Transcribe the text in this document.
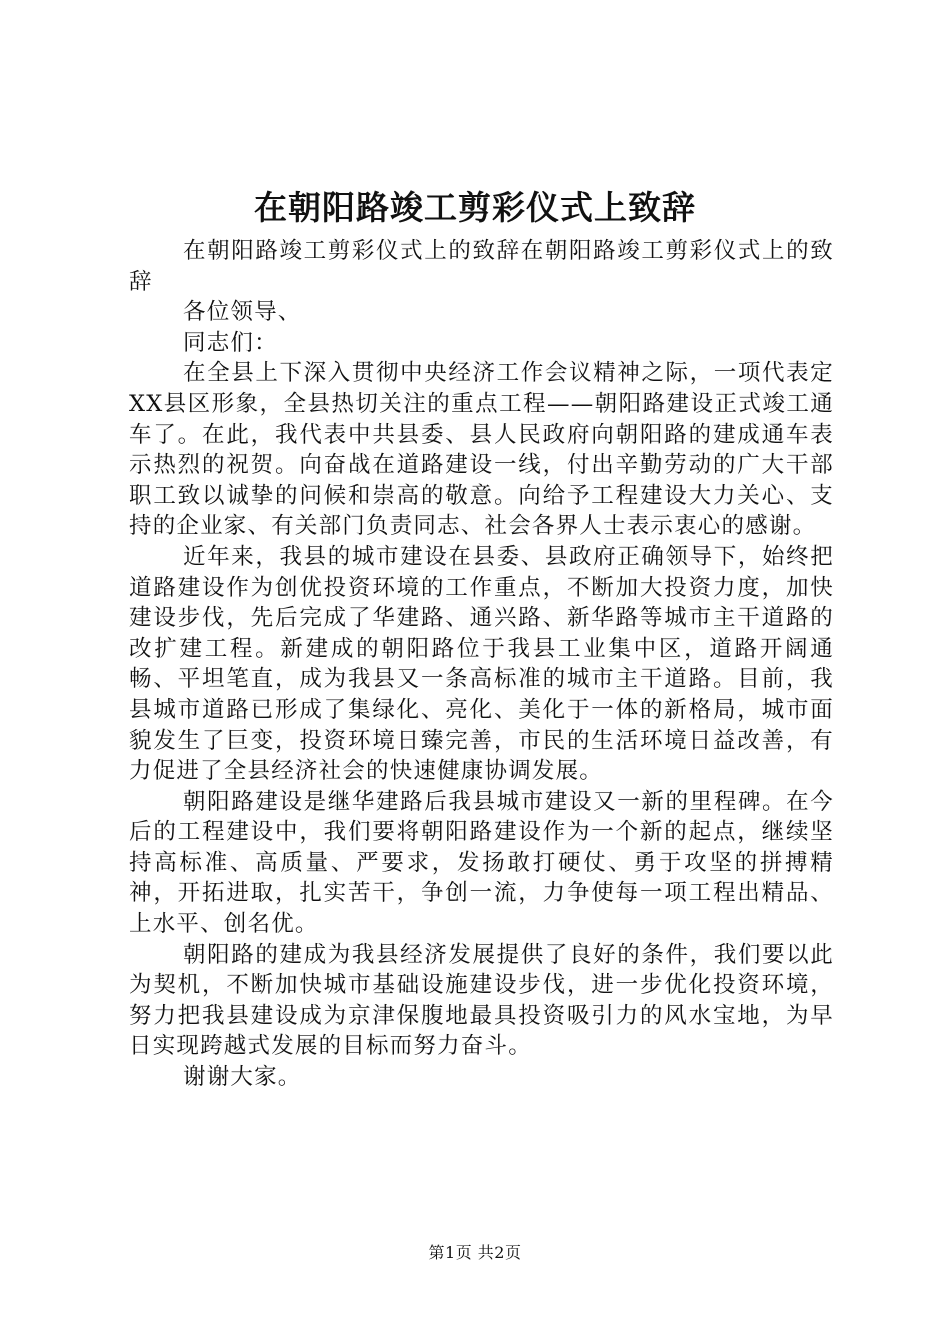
在朝阳路竣工剪彩仪式上致辞

在朝阳路竣工剪彩仪式上的致辞在朝阳路竣工剪彩仪式上的致辞

各位领导、

同志们：

在全县上下深入贯彻中央经济工作会议精神之际，一项代表定XX县区形象，全县热切关注的重点工程——朝阳路建设正式竣工通车了。在此，我代表中共县委、县人民政府向朝阳路的建成通车表示热烈的祝贺。向奋战在道路建设一线，付出辛勤劳动的广大干部职工致以诚挚的问候和崇高的敬意。向给予工程建设大力关心、支持的企业家、有关部门负责同志、社会各界人士表示衷心的感谢。

近年来，我县的城市建设在县委、县政府正确领导下，始终把道路建设作为创优投资环境的工作重点，不断加大投资力度，加快建设步伐，先后完成了华建路、通兴路、新华路等城市主干道路的改扩建工程。新建成的朝阳路位于我县工业集中区，道路开阔通畅、平坦笔直，成为我县又一条高标准的城市主干道路。目前，我县城市道路已形成了集绿化、亮化、美化于一体的新格局，城市面貌发生了巨变，投资环境日臻完善，市民的生活环境日益改善，有力促进了全县经济社会的快速健康协调发展。

朝阳路建设是继华建路后我县城市建设又一新的里程碑。在今后的工程建设中，我们要将朝阳路建设作为一个新的起点，继续坚持高标准、高质量、严要求，发扬敢打硬仗、勇于攻坚的拼搏精神，开拓进取，扎实苦干，争创一流，力争使每一项工程出精品、上水平、创名优。

朝阳路的建成为我县经济发展提供了良好的条件，我们要以此为契机，不断加快城市基础设施建设步伐，进一步优化投资环境，努力把我县建设成为京津保腹地最具投资吸引力的风水宝地，为早日实现跨越式发展的目标而努力奋斗。

谢谢大家。

第1页 共2页
